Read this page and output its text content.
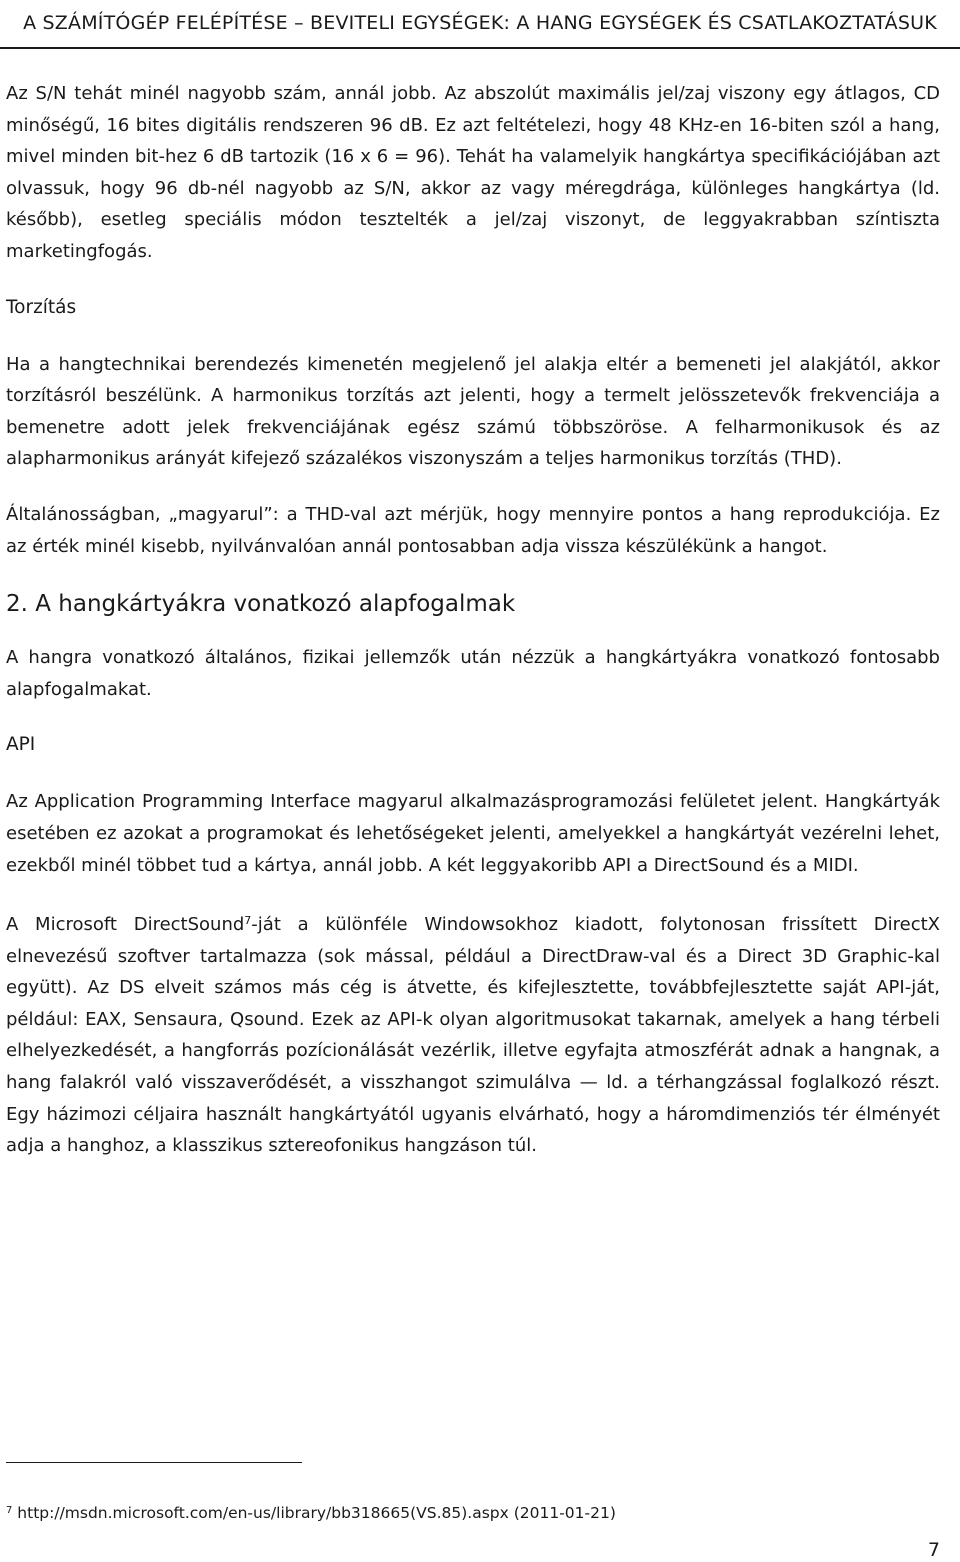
A SZÁMÍTÓGÉP FELÉPÍTÉSE – BEVITELI EGYSÉGEK: A HANG EGYSÉGEK ÉS CSATLAKOZTATÁSUK

Az S/N tehát minél nagyobb szám, annál jobb. Az abszolút maximális jel/zaj viszony egy átlagos, CD minőségű, 16 bites digitális rendszeren 96 dB. Ez azt feltételezi, hogy 48 KHz-en 16-biten szól a hang, mivel minden bit-hez 6 dB tartozik (16 x 6 = 96). Tehát ha valamelyik hangkártya specifikációjában azt olvassuk, hogy 96 db-nél nagyobb az S/N, akkor az vagy méregdrága, különleges hangkártya (ld. később), esetleg speciális módon tesztelték a jel/zaj viszonyt, de leggyakrabban színtiszta marketingfogás.

Torzítás

Ha a hangtechnikai berendezés kimenetén megjelenő jel alakja eltér a bemeneti jel alakjától, akkor torzításról beszélünk. A harmonikus torzítás azt jelenti, hogy a termelt jelösszetevők frekvenciája a bemenetre adott jelek frekvenciájának egész számú többszöröse. A felharmonikusok és az alapharmonikus arányát kifejező százalékos viszonyszám a teljes harmonikus torzítás (THD).

Általánosságban, „magyarul”: a THD-val azt mérjük, hogy mennyire pontos a hang reprodukciója. Ez az érték minél kisebb, nyilvánvalóan annál pontosabban adja vissza készülékünk a hangot.

2. A hangkártyákra vonatkozó alapfogalmak

A hangra vonatkozó általános, fizikai jellemzők után nézzük a hangkártyákra vonatkozó fontosabb alapfogalmakat.

API

Az Application Programming Interface magyarul alkalmazásprogramozási felületet jelent. Hangkártyák esetében ez azokat a programokat és lehetőségeket jelenti, amelyekkel a hangkártyát vezérelni lehet, ezekből minél többet tud a kártya, annál jobb. A két leggyakoribb API a DirectSound és a MIDI.

A Microsoft DirectSound$^7$-ját a különféle Windowsokhoz kiadott, folytonosan frissített DirectX elnevezésű szoftver tartalmazza (sok mással, például a DirectDraw-val és a Direct 3D Graphic-kal együtt). Az DS elveit számos más cég is átvette, és kifejlesztette, továbbfejlesztette saját API-ját, például: EAX, Sensaura, Qsound. Ezek az API-k olyan algoritmusokat takarnak, amelyek a hang térbeli elhelyezkedését, a hangforrás pozícionálását vezérlik, illetve egyfajta atmoszférát adnak a hangnak, a hang falakról való visszaverődését, a visszhangot szimulálva — ld. a térhangzással foglalkozó részt. Egy házimozi céljaira használt hangkártyától ugyanis elvárható, hogy a háromdimenziós tér élményét adja a hanghoz, a klasszikus sztereofonikus hangzáson túl.

$^7$ http://msdn.microsoft.com/en-us/library/bb318665(VS.85).aspx (2011-01-21)
7
